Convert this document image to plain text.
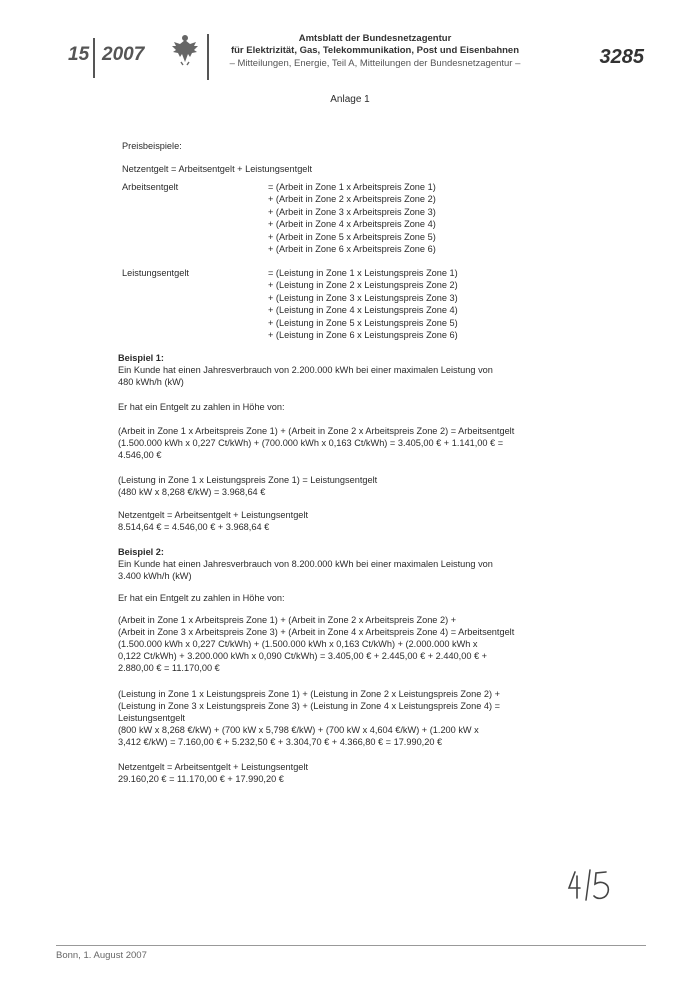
15 2007
Amtsblatt der Bundesnetzagentur
für Elektrizität, Gas, Telekommunikation, Post und Eisenbahnen
– Mitteilungen, Energie, Teil A, Mitteilungen der Bundesnetzagentur –	3285
Anlage 1
Preisbeispiele:
Netzentgelt = Arbeitsentgelt + Leistungsentgelt
Arbeitsentgelt	= (Arbeit in Zone 1 x Arbeitspreis Zone 1)
+ (Arbeit in Zone 2 x Arbeitspreis Zone 2)
+ (Arbeit in Zone 3 x Arbeitspreis Zone 3)
+ (Arbeit in Zone 4 x Arbeitspreis Zone 4)
+ (Arbeit in Zone 5 x Arbeitspreis Zone 5)
+ (Arbeit in Zone 6 x Arbeitspreis Zone 6)
Leistungsentgelt	= (Leistung in Zone 1 x Leistungspreis Zone 1)
+ (Leistung in Zone 2 x Leistungspreis Zone 2)
+ (Leistung in Zone 3 x Leistungspreis Zone 3)
+ (Leistung in Zone 4 x Leistungspreis Zone 4)
+ (Leistung in Zone 5 x Leistungspreis Zone 5)
+ (Leistung in Zone 6 x Leistungspreis Zone 6)
Beispiel 1:
Ein Kunde hat einen Jahresverbrauch von 2.200.000 kWh bei einer maximalen Leistung von
480 kWh/h (kW)
Er hat ein Entgelt zu zahlen in Höhe von:
(Arbeit in Zone 1 x Arbeitspreis Zone 1) + (Arbeit in Zone 2 x Arbeitspreis Zone 2) = Arbeitsentgelt
(1.500.000 kWh x 0,227 Ct/kWh) + (700.000 kWh x 0,163 Ct/kWh) = 3.405,00 € + 1.141,00 € =
4.546,00 €
(Leistung in Zone 1 x Leistungspreis Zone 1) = Leistungsentgelt
(480 kW x 8,268 €/kW) = 3.968,64 €
Netzentgelt = Arbeitsentgelt + Leistungsentgelt
8.514,64 € = 4.546,00 € + 3.968,64 €
Beispiel 2:
Ein Kunde hat einen Jahresverbrauch von 8.200.000 kWh bei einer maximalen Leistung von
3.400 kWh/h (kW)
Er hat ein Entgelt zu zahlen in Höhe von:
(Arbeit in Zone 1 x Arbeitspreis Zone 1) + (Arbeit in Zone 2 x Arbeitspreis Zone 2) +
(Arbeit in Zone 3 x Arbeitspreis Zone 3) + (Arbeit in Zone 4 x Arbeitspreis Zone 4) = Arbeitsentgelt
(1.500.000 kWh x 0,227 Ct/kWh) + (1.500.000 kWh x 0,163 Ct/kWh) + (2.000.000 kWh x
0,122 Ct/kWh) + 3.200.000 kWh x 0,090 Ct/kWh) = 3.405,00 € + 2.445,00 € + 2.440,00 € +
2.880,00 € = 11.170,00 €
(Leistung in Zone 1 x Leistungspreis Zone 1) + (Leistung in Zone 2 x Leistungspreis Zone 2) +
(Leistung in Zone 3 x Leistungspreis Zone 3) + (Leistung in Zone 4 x Leistungspreis Zone 4) =
Leistungsentgelt
(800 kW x 8,268 €/kW) + (700 kW x 5,798 €/kW) + (700 kW x 4,604 €/kW) + (1.200 kW x
3,412 €/kW) = 7.160,00 € + 5.232,50 € + 3.304,70 € + 4.366,80 € = 17.990,20 €
Netzentgelt = Arbeitsentgelt + Leistungsentgelt
29.160,20 € = 11.170,00 € + 17.990,20 €
Bonn, 1. August 2007
